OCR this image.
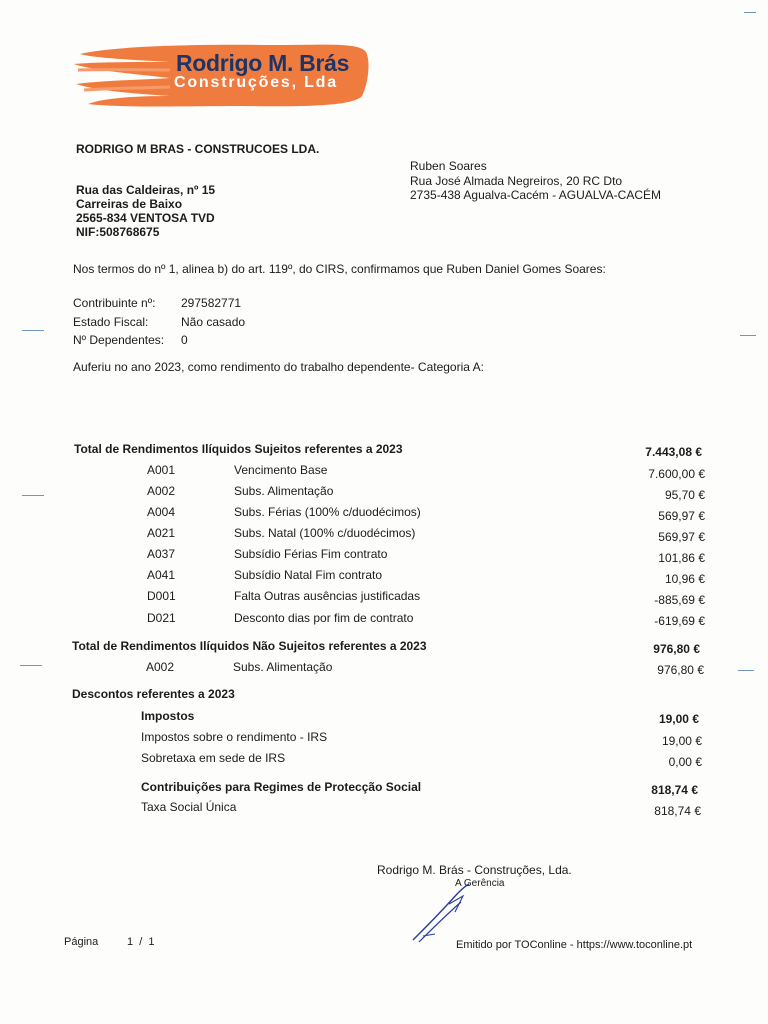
Rodrigo M. Brás
Construções, Lda
RODRIGO M BRAS - CONSTRUCOES LDA.
Rua das Caldeiras, nº 15
Carreiras de Baixo
2565-834 VENTOSA TVD
NIF:508768675
Ruben Soares
Rua José Almada Negreiros, 20 RC Dto
2735-438 Agualva-Cacém - AGUALVA-CACÉM
Nos termos do nº 1, alinea b) do art. 119º, do CIRS, confirmamos que Ruben Daniel Gomes Soares:
Contribuinte nº: 297582771
Estado Fiscal:	Não casado
Nº Dependentes: 0
Auferiu no ano 2023, como rendimento do trabalho dependente- Categoria A:
Total de Rendimentos Ilíquidos Sujeitos referentes a 2023	7.443,08 €
A001	Vencimento Base	7.600,00 €
A002	Subs. Alimentação	95,70 €
A004	Subs. Férias (100% c/duodécimos)	569,97 €
A021	Subs. Natal (100% c/duodécimos)	569,97 €
A037	Subsídio Férias Fim contrato	101,86 €
A041	Subsídio Natal Fim contrato	10,96 €
D001	Falta Outras ausências justificadas	-885,69 €
D021	Desconto dias por fim de contrato	-619,69 €
Total de Rendimentos Ilíquidos Não Sujeitos referentes a 2023	976,80 €
A002	Subs. Alimentação	976,80 €
Descontos referentes a 2023
Impostos	19,00 €
Impostos sobre o rendimento - IRS	19,00 €
Sobretaxa em sede de IRS	0,00 €
Contribuições para Regimes de Protecção Social	818,74 €
Taxa Social Única	818,74 €
Rodrigo M. Brás - Construções, Lda.
A Gerência
Página	1  /  1	Emitido por TOConline - https://www.toconline.pt
